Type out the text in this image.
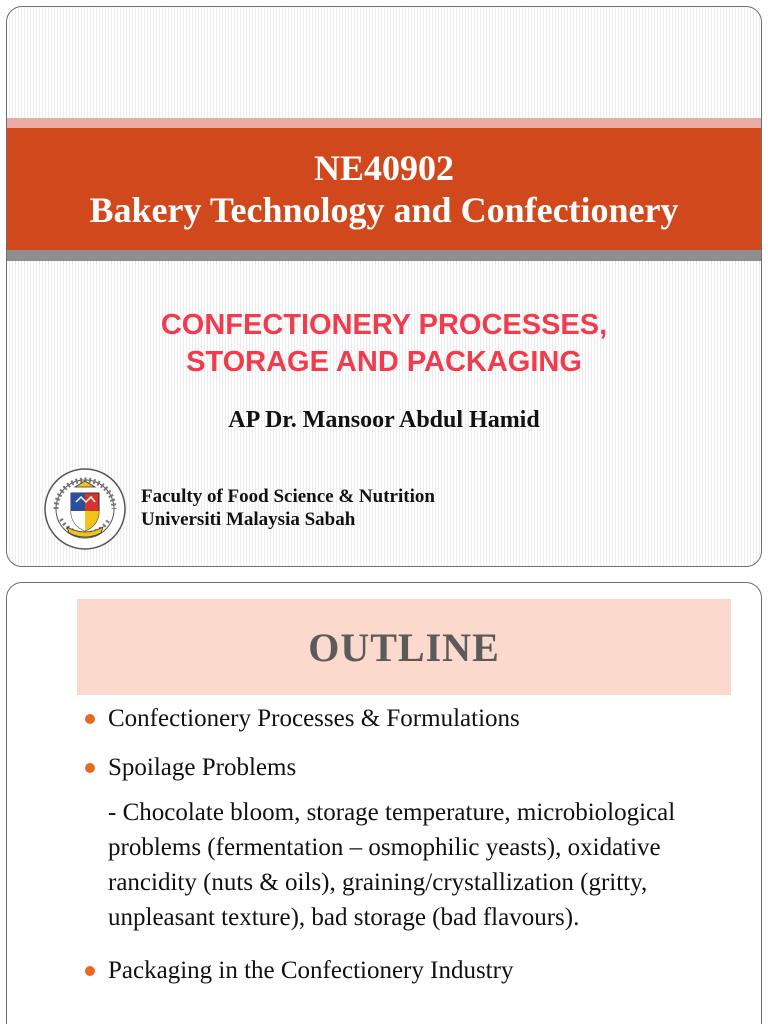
NE40902
Bakery Technology and Confectionery
CONFECTIONERY PROCESSES,
STORAGE AND PACKAGING
AP Dr. Mansoor Abdul Hamid
Faculty of Food Science & Nutrition
Universiti Malaysia Sabah
OUTLINE
Confectionery Processes & Formulations
Spoilage Problems
- Chocolate bloom, storage temperature, microbiological problems (fermentation – osmophilic yeasts), oxidative rancidity (nuts & oils), graining/crystallization (gritty, unpleasant texture), bad storage (bad flavours).
Packaging in the Confectionery Industry
